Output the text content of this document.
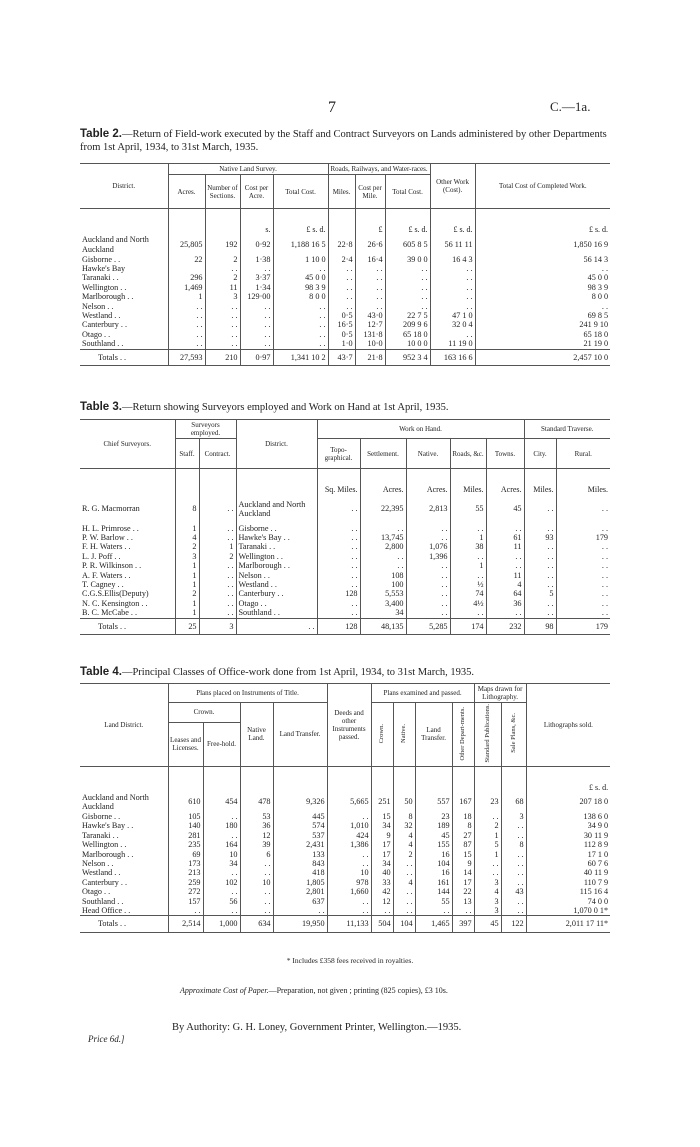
7	C.—1a.
Table 2.—Return of Field-work executed by the Staff and Contract Surveyors on Lands administered by other Departments from 1st April, 1934, to 31st March, 1935.
District.	Native Land Survey.				Roads, Railways, and Water-races.			Other Work (Cost).	Total Cost of Completed Work.
	Acres.	Number of Sections.	Cost per Acre.	Total Cost.	Miles.	Cost per Mile.	Total Cost.		
			s.	£ s. d.		£	£ s. d.	£ s. d.	£ s. d.
Auckland and North Auckland	25,805	192	0·92	1,188 16 5	22·8	26·6	605 8 5	56 11 11	1,850 16 9
Gisborne . .	22	2	1·38	1 10 0	2·4	16·4	39 0 0	16 4 3	56 14 3
Hawke's Bay		. .	. .	. .	. .	. .	. .	. .	. .
Taranaki . .	296	2	3·37	45 0 0	. .	. .	. .	. .	45 0 0
Wellington . .	1,469	11	1·34	98 3 9	. .	. .	. .	. .	98 3 9
Marlborough . .	1	3	129·00	8 0 0	. .	. .	. .	. .	8 0 0
Nelson . .	. .	. .	. .	. .	. .	. .	. .	. .	. .
Westland . .	. .	. .	. .	. .	0·5	43·0	22 7 5	47 1 0	69 8 5
Canterbury . .	. .	. .	. .	. .	16·5	12·7	209 9 6	32 0 4	241 9 10
Otago . .	. .	. .	. .	. .	0·5	131·8	65 18 0	. .	65 18 0
Southland . .	. .	. .	. .	. .	1·0	10·0	10 0 0	11 19 0	21 19 0
Totals . .	27,593	210	0·97	1,341 10 2	43·7	21·8	952 3 4	163 16 6	2,457 10 0
Table 3.—Return showing Surveyors employed and Work on Hand at 1st April, 1935.
Chief Surveyors.	Surveyors employed.		District.	Work on Hand.					Standard Traverse.	
	Staff.	Contract.		Topo-graphical.	Settlement.	Native.	Roads, &c.	Towns.	City.	Rural.
				Sq. Miles.	Acres.	Acres.	Miles.	Acres.	Miles.	Miles.
R. G. Macmorran	8	. .	Auckland and North Auckland	. .	22,395	2,813	55	45	. .	. .
H. L. Primrose . .	1	. .	Gisborne . .	. .	. .	. .	. .	. .	. .	. .
P. W. Barlow . .	4	. .	Hawke's Bay . .	. .	13,745	. .	1	61	93	179
F. H. Waters . .	2	1	Taranaki . .	. .	2,800	1,076	38	11	. .	. .
L. J. Poff . .	3	2	Wellington . .	. .	. .	1,396	. .	. .	. .	. .
P. R. Wilkinson . .	1	. .	Marlborough . .	. .	. .	. .	1	. .	. .	. .
A. F. Waters . .	1	. .	Nelson . .	. .	108	. .	. .	11	. .	. .
T. Cagney . .	1	. .	Westland . .	. .	100	. .	½	4	. .	. .
C.G.S.Ellis(Deputy)	2	. .	Canterbury . .	128	5,553	. .	74	64	5	. .
N. C. Kensington . .	1	. .	Otago . .	. .	3,400	. .	4½	36	. .	. .
B. C. McCabe . .	1	. .	Southland . .	. .	34	. .	. .	. .	. .	. .
Totals . .	25	3	. .	128	48,135	5,285	174	232	98	179
Table 4.—Principal Classes of Office-work done from 1st April, 1934, to 31st March, 1935.
Land District.	Plans placed on Instruments of Title.				Deeds and other Instruments passed.	Plans examined and passed.				Maps drawn for Lithography.		Lithographs sold.
	Crown.		Native Land.	Land Transfer.		Crown.	Native.	Land Transfer.	Other Depart-ments.	Standard Publications.	Sale Plans, &c.	
	Leases and Licenses.	Free-hold.										
												£ s. d.
Auckland and North Auckland	610	454	478	9,326	5,665	251	50	557	167	23	68	207 18 0
Gisborne . .	105	. .	53	445	. .	15	8	23	18	. .	3	138 6 0
Hawke's Bay . .	140	180	36	574	1,010	34	32	189	8	2	. .	34 9 0
Taranaki . .	281	. .	12	537	424	9	4	45	27	1	. .	30 11 9
Wellington . .	235	164	39	2,431	1,386	17	4	155	87	5	8	112 8 9
Marlborough . .	69	10	6	133	. .	17	2	16	15	1	. .	17 1 0
Nelson . .	173	34	. .	843	. .	34	. .	104	9	. .	. .	60 7 6
Westland . .	213	. .	. .	418	10	40	. .	16	14	. .	. .	40 11 9
Canterbury . .	259	102	10	1,805	978	33	4	161	17	3	. .	110 7 9
Otago . .	272	. .	. .	2,801	1,660	42	. .	144	22	4	43	115 16 4
Southland . .	157	56	. .	637	. .	12	. .	55	13	3	. .	74 0 0
Head Office . .	. .	. .	. .	. .	. .	. .	. .	. .	. .	3	. .	1,070 0 1*
Totals . .	2,514	1,000	634	19,950	11,133	504	104	1,465	397	45	122	2,011 17 11*
* Includes £358 fees received in royalties.
Approximate Cost of Paper.—Preparation, not given ; printing (825 copies), £3 10s.
By Authority: G. H. Loney, Government Printer, Wellington.—1935.
Price 6d.]
